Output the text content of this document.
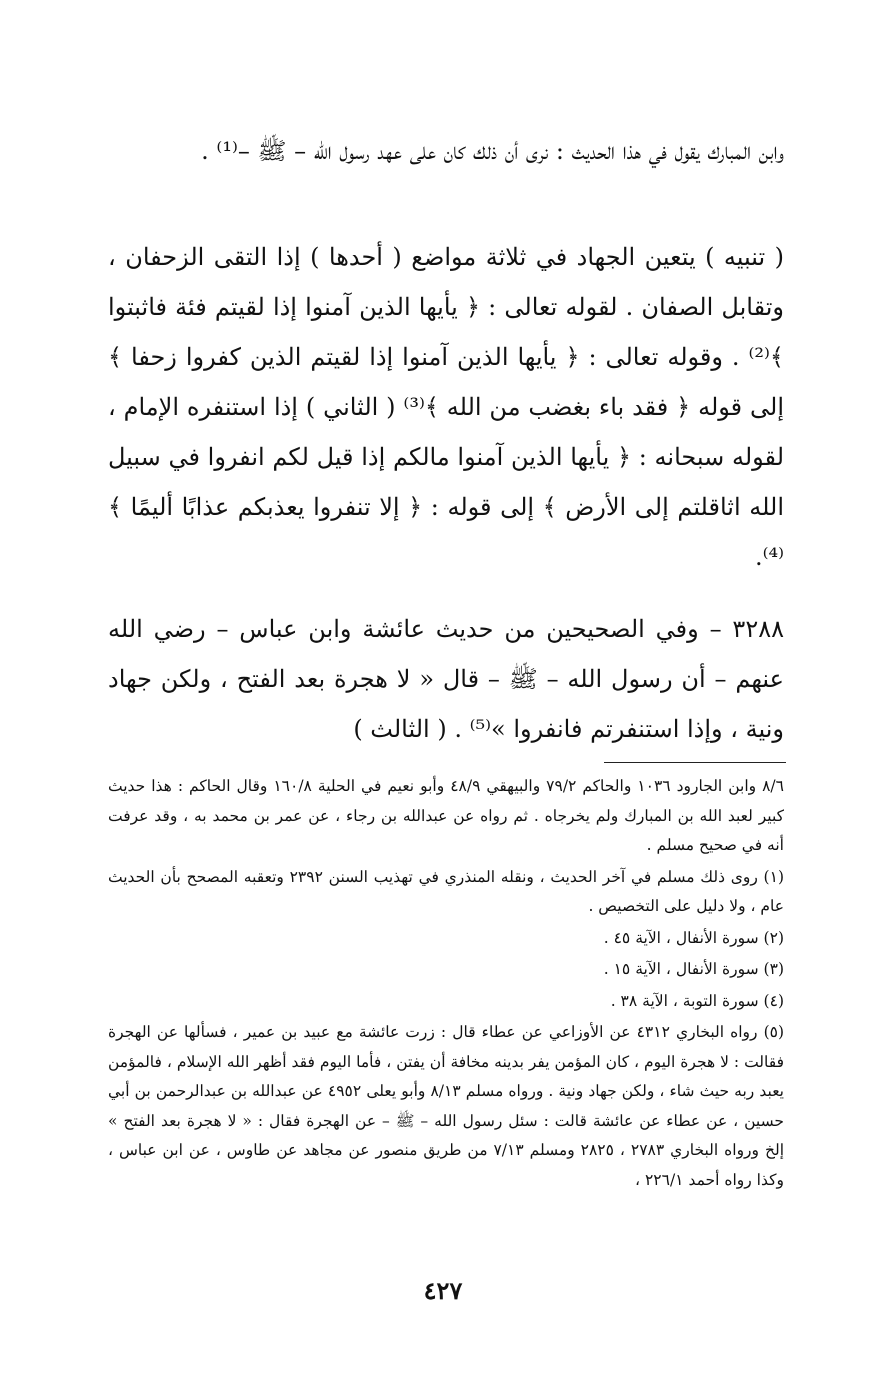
وابن المبارك يقول في هذا الحديث : نرى أن ذلك كان على عهد رسول الله – ﷺ –⁽¹⁾ .

( تنبيه ) يتعين الجهاد في ثلاثة مواضع ( أحدها ) إذا التقى الزحفان ، وتقابل الصفان . لقوله تعالى : ﴿ يأيها الذين آمنوا إذا لقيتم فئة فاثبتوا ﴾⁽²⁾ . وقوله تعالى : ﴿ يأيها الذين آمنوا إذا لقيتم الذين كفروا زحفا ﴾ إلى قوله ﴿ فقد باء بغضب من الله ﴾⁽³⁾ ( الثاني ) إذا استنفره الإمام ، لقوله سبحانه : ﴿ يأيها الذين آمنوا مالكم إذا قيل لكم انفروا في سبيل الله اثاقلتم إلى الأرض ﴾ إلى قوله : ﴿ إلا تنفروا يعذبكم عذابًا أليمًا ﴾⁽⁴⁾.

٣٢٨٨ – وفي الصحيحين من حديث عائشة وابن عباس – رضي الله عنهم – أن رسول الله – ﷺ – قال « لا هجرة بعد الفتح ، ولكن جهاد ونية ، وإذا استنفرتم فانفروا »⁽⁵⁾ . ( الثالث )

٨/٦ وابن الجارود ١٠٣٦ والحاكم ٧٩/٢ والبيهقي ٤٨/٩ وأبو نعيم في الحلية ١٦٠/٨ وقال الحاكم : هذا حديث كبير لعبد الله بن المبارك ولم يخرجاه . ثم رواه عن عبدالله بن رجاء ، عن عمر بن محمد به ، وقد عرفت أنه في صحيح مسلم .

(١) روى ذلك مسلم في آخر الحديث ، ونقله المنذري في تهذيب السنن ٢٣٩٢ وتعقبه المصحح بأن الحديث عام ، ولا دليل على التخصيص .

(٢) سورة الأنفال ، الآية ٤٥ .

(٣) سورة الأنفال ، الآية ١٥ .

(٤) سورة التوبة ، الآية ٣٨ .

(٥) رواه البخاري ٤٣١٢ عن الأوزاعي عن عطاء قال : زرت عائشة مع عبيد بن عمير ، فسألها عن الهجرة فقالت : لا هجرة اليوم ، كان المؤمن يفر بدينه مخافة أن يفتن ، فأما اليوم فقد أظهر الله الإسلام ، فالمؤمن يعبد ربه حيث شاء ، ولكن جهاد ونية . ورواه مسلم ٨/١٣ وأبو يعلى ٤٩٥٢ عن عبدالله بن عبدالرحمن بن أبي حسين ، عن عطاء عن عائشة قالت : سئل رسول الله – ﷺ – عن الهجرة فقال : « لا هجرة بعد الفتح » إلخ ورواه البخاري ٢٧٨٣ ، ٢٨٢٥ ومسلم ٧/١٣ من طريق منصور عن مجاهد عن طاوس ، عن ابن عباس ، وكذا رواه أحمد ٢٢٦/١ ،

٤٢٧
